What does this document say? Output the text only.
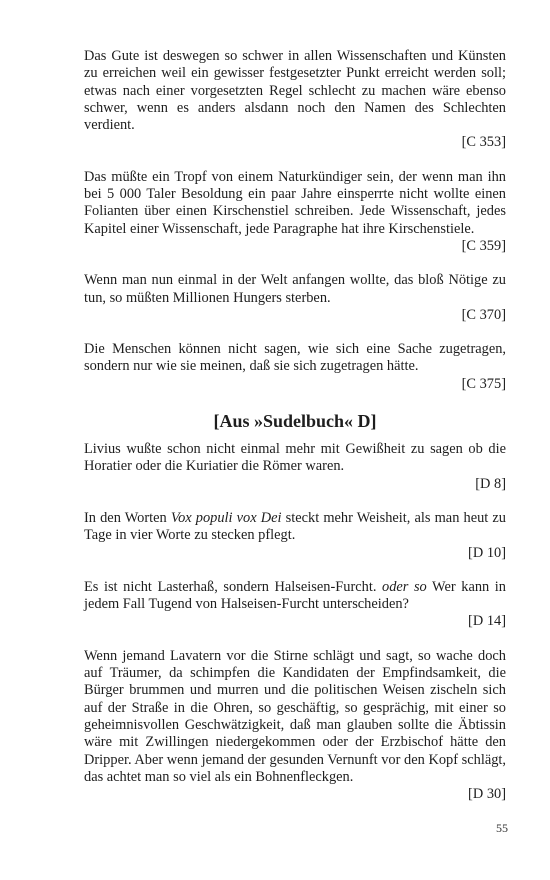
Das Gute ist deswegen so schwer in allen Wissenschaften und Künsten zu erreichen weil ein gewisser festgesetzter Punkt erreicht werden soll; etwas nach einer vorgesetzten Regel schlecht zu machen wäre ebenso schwer, wenn es anders alsdann noch den Namen des Schlechten verdient.

[C 353]

Das müßte ein Tropf von einem Naturkündiger sein, der wenn man ihn bei 5 000 Taler Besoldung ein paar Jahre einsperrte nicht wollte einen Folianten über einen Kirschenstiel schreiben. Jede Wissenschaft, jedes Kapitel einer Wissenschaft, jede Paragraphe hat ihre Kirschenstiele.

[C 359]

Wenn man nun einmal in der Welt anfangen wollte, das bloß Nötige zu tun, so müßten Millionen Hungers sterben.

[C 370]

Die Menschen können nicht sagen, wie sich eine Sache zugetragen, sondern nur wie sie meinen, daß sie sich zugetragen hätte.

[C 375]
[Aus »Sudelbuch« D]

Livius wußte schon nicht einmal mehr mit Gewißheit zu sagen ob die Horatier oder die Kuriatier die Römer waren.

[D 8]

In den Worten Vox populi vox Dei steckt mehr Weisheit, als man heut zu Tage in vier Worte zu stecken pflegt.

[D 10]

Es ist nicht Lasterhaß, sondern Halseisen-Furcht. oder so Wer kann in jedem Fall Tugend von Halseisen-Furcht unterscheiden?

[D 14]

Wenn jemand Lavatern vor die Stirne schlägt und sagt, so wache doch auf Träumer, da schimpfen die Kandidaten der Empfindsamkeit, die Bürger brummen und murren und die politischen Weisen zischeln sich auf der Straße in die Ohren, so geschäftig, so gesprächig, mit einer so geheimnisvollen Geschwätzigkeit, daß man glauben sollte die Äbtissin wäre mit Zwillingen niedergekommen oder der Erzbischof hätte den Dripper. Aber wenn jemand der gesunden Vernunft vor den Kopf schlägt, das achtet man so viel als ein Bohnenfleckgen.

[D 30]
55
